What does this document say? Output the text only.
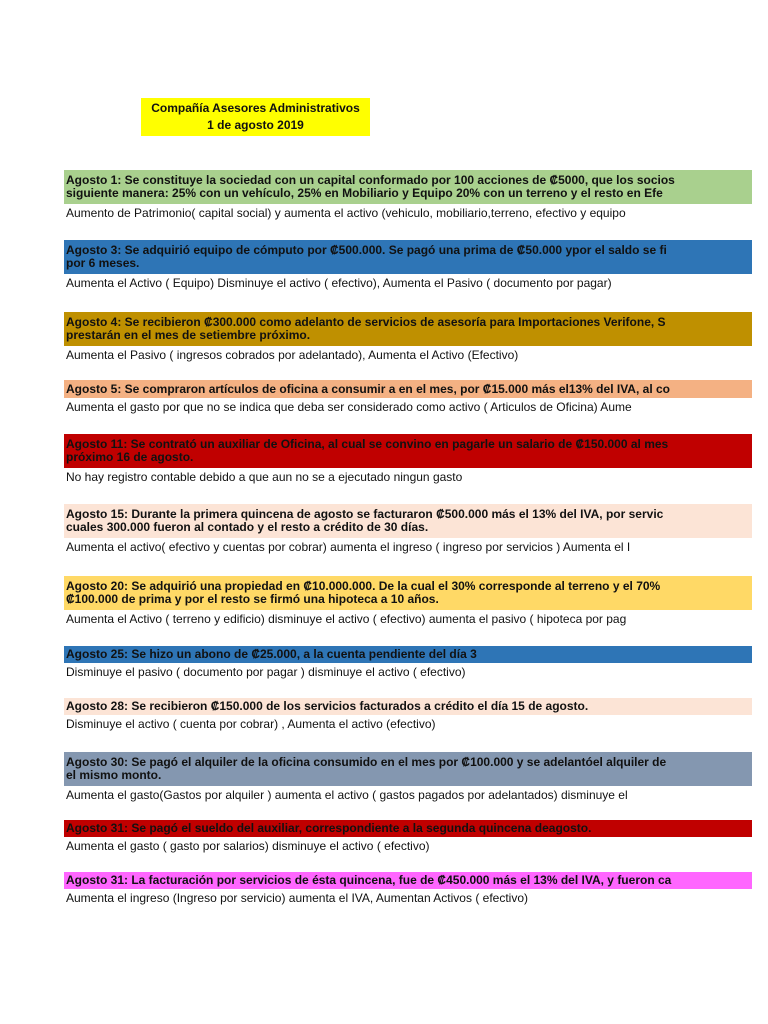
Compañía Asesores Administrativos
1 de agosto 2019
Agosto 1: Se constituye la sociedad con un capital conformado por 100 acciones de ₡5000, que los socios siguiente manera: 25% con un vehículo, 25% en Mobiliario y Equipo 20% con un terreno y el resto en Efe
Aumento de Patrimonio( capital social) y aumenta el activo (vehiculo, mobiliario,terreno, efectivo y equipo
Agosto 3: Se adquirió equipo de cómputo por ₡500.000. Se pagó una prima de ₡50.000 ypor el saldo se fi por 6 meses.
Aumenta el Activo ( Equipo) Disminuye el activo ( efectivo), Aumenta el Pasivo ( documento por pagar)
Agosto 4: Se recibieron ₡300.000 como adelanto de servicios de asesoría para Importaciones Verifone, S prestarán en el mes de setiembre próximo.
Aumenta el Pasivo ( ingresos cobrados por adelantado), Aumenta el Activo (Efectivo)
Agosto 5: Se compraron artículos de oficina a consumir a en el mes, por ₡15.000 más el13% del IVA, al co
Aumenta el gasto por que no se indica que deba ser considerado como activo ( Articulos de Oficina) Aume
Agosto 11: Se contrató un auxiliar de Oficina, al cual se convino en pagarle un salario de ₡150.000 al mes próximo 16 de agosto.
No hay registro contable debido a que aun no se a ejecutado ningun gasto
Agosto 15: Durante la primera quincena de agosto se facturaron ₡500.000 más el 13% del IVA, por servic cuales 300.000 fueron al contado y el resto a crédito de 30 días.
Aumenta el activo( efectivo y cuentas por cobrar) aumenta el ingreso ( ingreso por servicios ) Aumenta el I
Agosto 20: Se adquirió una propiedad en ₡10.000.000. De la cual el 30% corresponde al terreno y el 70% ₡100.000 de prima y por el resto se firmó una hipoteca a 10 años.
Aumenta el Activo ( terreno y edificio) disminuye el activo ( efectivo) aumenta el pasivo ( hipoteca por pag
Agosto 25: Se hizo un abono de ₡25.000, a la cuenta pendiente del día 3
Disminuye el pasivo ( documento por pagar ) disminuye el activo ( efectivo)
Agosto 28: Se recibieron ₡150.000 de los servicios facturados a crédito el día 15 de agosto.
Disminuye el activo ( cuenta por cobrar) , Aumenta el activo (efectivo)
Agosto 30: Se pagó el alquiler de la oficina consumido en el mes por ₡100.000 y se adelantóel alquiler de el mismo monto.
Aumenta el gasto(Gastos por alquiler ) aumenta el activo ( gastos pagados por adelantados) disminuye el
Agosto 31: Se pagó el sueldo del auxiliar, correspondiente a la segunda quincena deagosto.
Aumenta el gasto ( gasto por salarios) disminuye el activo ( efectivo)
Agosto 31: La facturación por servicios de ésta quincena, fue de ₡450.000 más el 13% del IVA, y fueron ca
Aumenta el ingreso (Ingreso por servicio) aumenta el IVA, Aumentan Activos ( efectivo)
